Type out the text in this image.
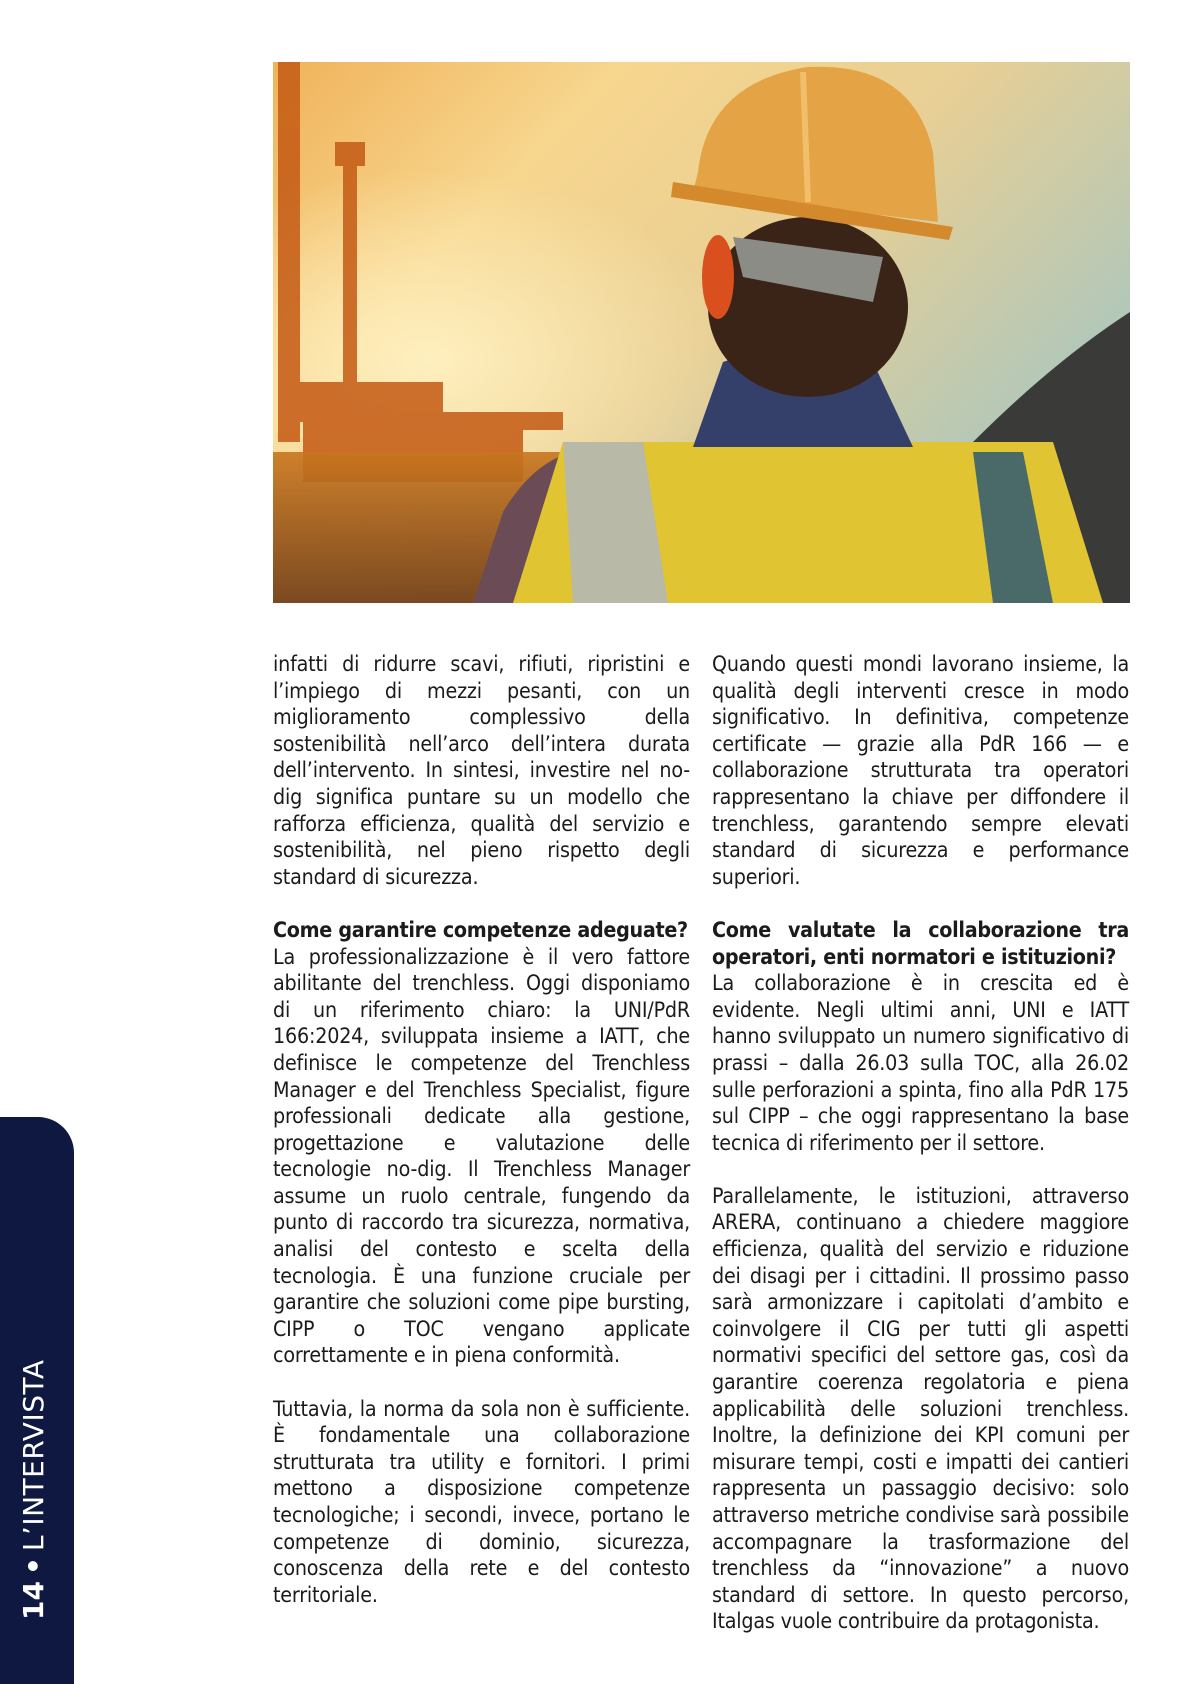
infatti di ridurre scavi, rifiuti, ripristini e l’impiego di mezzi pesanti, con un miglioramento complessivo della sostenibilità nell’arco dell’intera durata dell’intervento. In sintesi, investire nel no-dig significa puntare su un modello che rafforza efficienza, qualità del servizio e sostenibilità, nel pieno rispetto degli standard di sicurezza.

Come garantire competenze adeguate?

La professionalizzazione è il vero fattore abilitante del trenchless. Oggi disponiamo di un riferimento chiaro: la UNI/PdR 166:2024, sviluppata insieme a IATT, che definisce le competenze del Trenchless Manager e del Trenchless Specialist, figure professionali dedicate alla gestione, progettazione e valutazione delle tecnologie no-dig. Il Trenchless Manager assume un ruolo centrale, fungendo da punto di raccordo tra sicurezza, normativa, analisi del contesto e scelta della tecnologia. È una funzione cruciale per garantire che soluzioni come pipe bursting, CIPP o TOC vengano applicate correttamente e in piena conformità.

Tuttavia, la norma da sola non è sufficiente. È fondamentale una collaborazione strutturata tra utility e fornitori. I primi mettono a disposizione competenze tecnologiche; i secondi, invece, portano le competenze di dominio, sicurezza, conoscenza della rete e del contesto territoriale.

Quando questi mondi lavorano insieme, la qualità degli interventi cresce in modo significativo. In definitiva, competenze certificate — grazie alla PdR 166 — e collaborazione strutturata tra operatori rappresentano la chiave per diffondere il trenchless, garantendo sempre elevati standard di sicurezza e performance superiori.

Come valutate la collaborazione tra operatori, enti normatori e istituzioni?

La collaborazione è in crescita ed è evidente. Negli ultimi anni, UNI e IATT hanno sviluppato un numero significativo di prassi – dalla 26.03 sulla TOC, alla 26.02 sulle perforazioni a spinta, fino alla PdR 175 sul CIPP – che oggi rappresentano la base tecnica di riferimento per il settore.

Parallelamente, le istituzioni, attraverso ARERA, continuano a chiedere maggiore efficienza, qualità del servizio e riduzione dei disagi per i cittadini. Il prossimo passo sarà armonizzare i capitolati d’ambito e coinvolgere il CIG per tutti gli aspetti normativi specifici del settore gas, così da garantire coerenza regolatoria e piena applicabilità delle soluzioni trenchless. Inoltre, la definizione dei KPI comuni per misurare tempi, costi e impatti dei cantieri rappresenta un passaggio decisivo: solo attraverso metriche condivise sarà possibile accompagnare la trasformazione del trenchless da “innovazione” a nuovo standard di settore. In questo percorso, Italgas vuole contribuire da protagonista.

14•L’INTERVISTA
